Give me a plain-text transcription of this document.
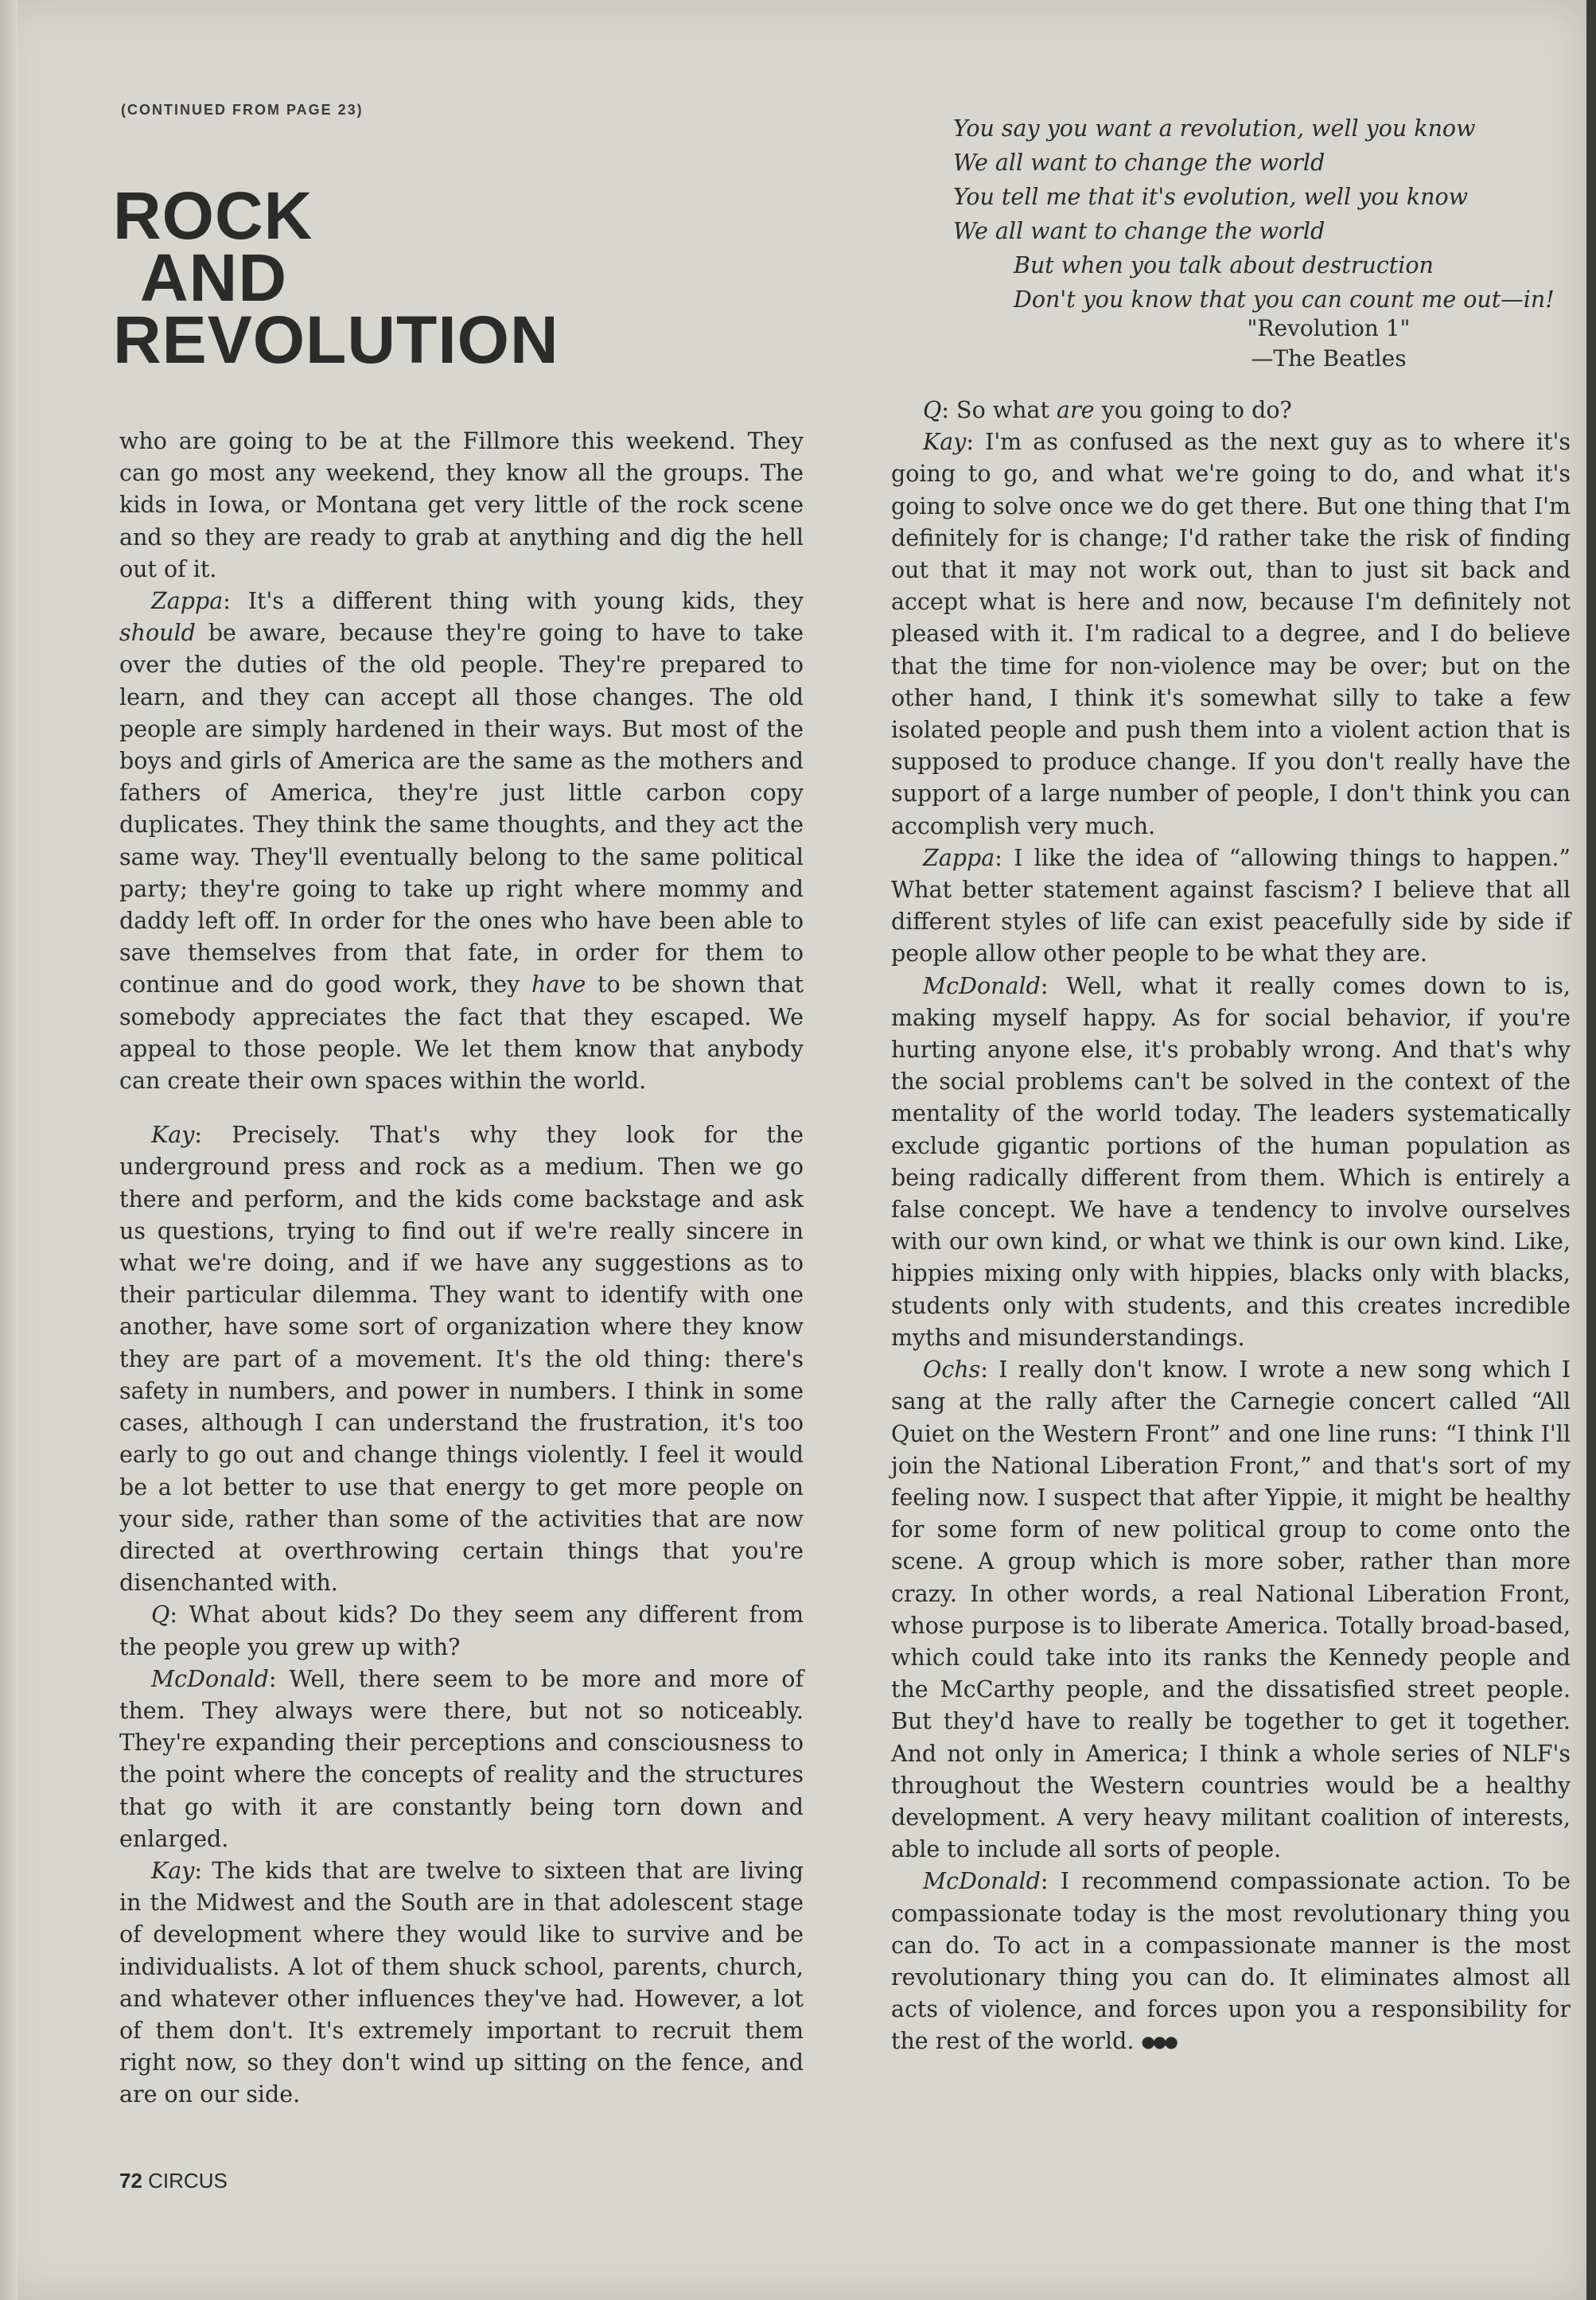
(CONTINUED FROM PAGE 23)
ROCK
AND
REVOLUTION
You say you want a revolution, well you know
We all want to change the world
You tell me that it's evolution, well you know
We all want to change the world
But when you talk about destruction
Don't you know that you can count me out—in!
"Revolution 1"
—The Beatles

who are going to be at the Fillmore this weekend. They can go most any weekend, they know all the groups. The kids in Iowa, or Montana get very little of the rock scene and so they are ready to grab at anything and dig the hell out of it.

Zappa: It's a different thing with young kids, they should be aware, because they're going to have to take over the duties of the old people. They're prepared to learn, and they can accept all those changes. The old people are simply hardened in their ways. But most of the boys and girls of America are the same as the mothers and fathers of America, they're just little carbon copy duplicates. They think the same thoughts, and they act the same way. They'll eventually belong to the same political party; they're going to take up right where mommy and daddy left off. In order for the ones who have been able to save themselves from that fate, in order for them to continue and do good work, they have to be shown that somebody appreciates the fact that they escaped. We appeal to those people. We let them know that anybody can create their own spaces within the world.

Kay: Precisely. That's why they look for the underground press and rock as a medium. Then we go there and perform, and the kids come backstage and ask us questions, trying to find out if we're really sincere in what we're doing, and if we have any suggestions as to their particular dilemma. They want to identify with one another, have some sort of organization where they know they are part of a movement. It's the old thing: there's safety in numbers, and power in numbers. I think in some cases, although I can understand the frustration, it's too early to go out and change things violently. I feel it would be a lot better to use that energy to get more people on your side, rather than some of the activities that are now directed at overthrowing certain things that you're disenchanted with.

Q: What about kids? Do they seem any different from the people you grew up with?

McDonald: Well, there seem to be more and more of them. They always were there, but not so noticeably. They're expanding their perceptions and consciousness to the point where the concepts of reality and the structures that go with it are constantly being torn down and enlarged.

Kay: The kids that are twelve to sixteen that are living in the Midwest and the South are in that adolescent stage of development where they would like to survive and be individualists. A lot of them shuck school, parents, church, and whatever other influences they've had. However, a lot of them don't. It's extremely important to recruit them right now, so they don't wind up sitting on the fence, and are on our side.

Q: So what are you going to do?

Kay: I'm as confused as the next guy as to where it's going to go, and what we're going to do, and what it's going to solve once we do get there. But one thing that I'm definitely for is change; I'd rather take the risk of finding out that it may not work out, than to just sit back and accept what is here and now, because I'm definitely not pleased with it. I'm radical to a degree, and I do believe that the time for non-violence may be over; but on the other hand, I think it's somewhat silly to take a few isolated people and push them into a violent action that is supposed to produce change. If you don't really have the support of a large number of people, I don't think you can accomplish very much.

Zappa: I like the idea of “allowing things to happen.” What better statement against fascism? I believe that all different styles of life can exist peacefully side by side if people allow other people to be what they are.

McDonald: Well, what it really comes down to is, making myself happy. As for social behavior, if you're hurting anyone else, it's probably wrong. And that's why the social problems can't be solved in the context of the mentality of the world today. The leaders systematically exclude gigantic portions of the human population as being radically different from them. Which is entirely a false concept. We have a tendency to involve ourselves with our own kind, or what we think is our own kind. Like, hippies mixing only with hippies, blacks only with blacks, students only with students, and this creates incredible myths and misunderstandings.

Ochs: I really don't know. I wrote a new song which I sang at the rally after the Carnegie concert called “All Quiet on the Western Front” and one line runs: “I think I'll join the National Liberation Front,” and that's sort of my feeling now. I suspect that after Yippie, it might be healthy for some form of new political group to come onto the scene. A group which is more sober, rather than more crazy. In other words, a real National Liberation Front, whose purpose is to liberate America. Totally broad-based, which could take into its ranks the Kennedy people and the McCarthy people, and the dissatisfied street people. But they'd have to really be together to get it together. And not only in America; I think a whole series of NLF's throughout the Western countries would be a healthy development. A very heavy militant coalition of interests, able to include all sorts of people.

McDonald: I recommend compassionate action. To be compassionate today is the most revolutionary thing you can do. To act in a compassionate manner is the most revolutionary thing you can do. It eliminates almost all acts of violence, and forces upon you a responsibility for the rest of the world. ●●●

72 CIRCUS
